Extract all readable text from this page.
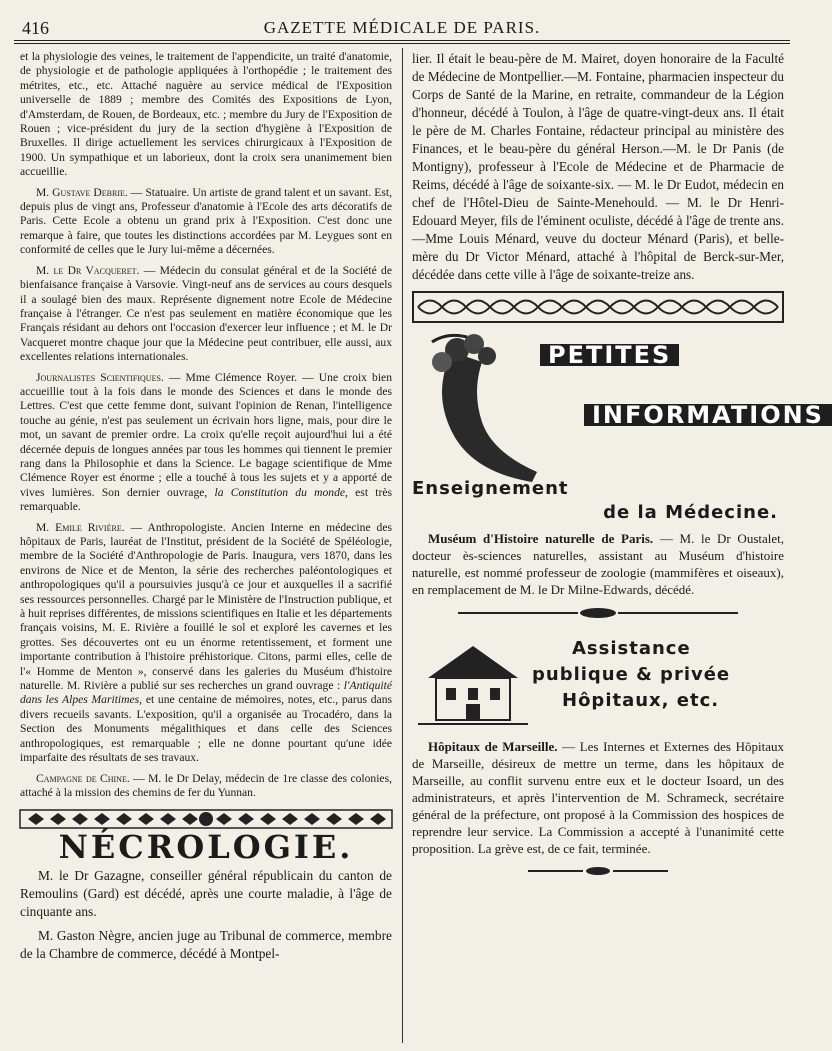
416	GAZETTE MÉDICALE DE PARIS.

et la physiologie des veines, le traitement de l'appendicite, un traité d'anatomie, de physiologie et de pathologie appliquées à l'orthopédie ; le traitement des métrites, etc., etc. Attaché naguère au service médical de l'Exposition universelle de 1889 ; membre des Comités des Expositions de Lyon, d'Amsterdam, de Rouen, de Bordeaux, etc. ; membre du Jury de l'Exposition de Rouen ; vice-président du jury de la section d'hygiène à l'Exposition de Bruxelles. Il dirige actuellement les services chirurgicaux à l'Exposition de 1900. Un sympathique et un laborieux, dont la croix sera unanimement bien accueillie.

M. Gustave Debrie. — Statuaire. Un artiste de grand talent et un savant. Est, depuis plus de vingt ans, Professeur d'anatomie à l'Ecole des arts décoratifs de Paris. Cette Ecole a obtenu un grand prix à l'Exposition. C'est donc une remarque à faire, que toutes les distinctions accordées par M. Leygues sont en conformité de celles que le Jury lui-même a décernées.

M. le Dr Vacqueret. — Médecin du consulat général et de la Société de bienfaisance française à Varsovie. Vingt-neuf ans de services au cours desquels il a soulagé bien des maux. Représente dignement notre Ecole de Médecine française à l'étranger. Ce n'est pas seulement en matière économique que les Français résidant au dehors ont l'occasion d'exercer leur influence ; et M. le Dr Vacqueret montre chaque jour que la Médecine peut contribuer, elle aussi, aux excellentes relations internationales.

Journalistes Scientifiques. — Mme Clémence Royer. — Une croix bien accueillie tout à la fois dans le monde des Sciences et dans le monde des Lettres. C'est que cette femme dont, suivant l'opinion de Renan, l'intelligence touche au génie, n'est pas seulement un écrivain hors ligne, mais, pour dire le mot, un savant de premier ordre. La croix qu'elle reçoit aujourd'hui lui a été décernée depuis de longues années par tous les hommes qui tiennent le premier rang dans la Philosophie et dans la Science. Le bagage scientifique de Mme Clémence Royer est énorme ; elle a touché à tous les sujets et y a apporté de vives lumières. Son dernier ouvrage, la Constitution du monde, est très remarquable.

M. Emile Rivière. — Anthropologiste. Ancien Interne en médecine des hôpitaux de Paris, lauréat de l'Institut, président de la Société de Spéléologie, membre de la Société d'Anthropologie de Paris. Inaugura, vers 1870, dans les environs de Nice et de Menton, la série des recherches paléontologiques et anthropologiques qu'il a poursuivies jusqu'à ce jour et auxquelles il a sacrifié ses ressources personnelles. Chargé par le Ministère de l'Instruction publique, et à huit reprises différentes, de missions scientifiques en Italie et les départements français voisins, M. E. Rivière a fouillé le sol et exploré les cavernes et les grottes. Ses découvertes ont eu un énorme retentissement, et forment une importante contribution à l'histoire préhistorique. Citons, parmi elles, celle de l'« Homme de Menton », conservé dans les galeries du Muséum d'histoire naturelle. M. Rivière a publié sur ses recherches un grand ouvrage : l'Antiquité dans les Alpes Maritimes, et une centaine de mémoires, notes, etc., parus dans divers recueils savants. L'exposition, qu'il a organisée au Trocadéro, dans la Section des Monuments mégalithiques et dans celle des Sciences anthropologiques, est remarquable ; elle ne donne pourtant qu'une idée imparfaite des résultats de ses travaux.

Campagne de Chine. — M. le Dr Delay, médecin de 1re classe des colonies, attaché à la mission des chemins de fer du Yunnan.

NÉCROLOGIE.

M. le Dr Gazagne, conseiller général républicain du canton de Remoulins (Gard) est décédé, après une courte maladie, à l'âge de cinquante ans.

M. Gaston Nègre, ancien juge au Tribunal de commerce, membre de la Chambre de commerce, décédé à Montpel-

lier. Il était le beau-père de M. Mairet, doyen honoraire de la Faculté de Médecine de Montpellier.—M. Fontaine, pharmacien inspecteur du Corps de Santé de la Marine, en retraite, commandeur de la Légion d'honneur, décédé à Toulon, à l'âge de quatre-vingt-deux ans. Il était le père de M. Charles Fontaine, rédacteur principal au ministère des Finances, et le beau-père du général Herson.—M. le Dr Panis (de Montigny), professeur à l'Ecole de Médecine et de Pharmacie de Reims, décédé à l'âge de soixante-six. — M. le Dr Eudot, médecin en chef de l'Hôtel-Dieu de Sainte-Menehould. — M. le Dr Henri-Edouard Meyer, fils de l'éminent oculiste, décédé à l'âge de trente ans.—Mme Louis Ménard, veuve du docteur Ménard (Paris), et belle-mère du Dr Victor Ménard, attaché à l'hôpital de Berck-sur-Mer, décédée dans cette ville à l'âge de soixante-treize ans.

PETITES
INFORMATIONS
Enseignement
de la Médecine.

Muséum d'Histoire naturelle de Paris. — M. le Dr Oustalet, docteur ès-sciences naturelles, assistant au Muséum d'histoire naturelle, est nommé professeur de zoologie (mammifères et oiseaux), en remplacement de M. le Dr Milne-Edwards, décédé.

Assistance
publique & privée
Hôpitaux, etc.

Hôpitaux de Marseille. — Les Internes et Externes des Hôpitaux de Marseille, désireux de mettre un terme, dans les hôpitaux de Marseille, au conflit survenu entre eux et le docteur Isoard, un des administrateurs, et après l'intervention de M. Schrameck, secrétaire général de la préfecture, ont proposé à la Commission des hospices de reprendre leur service. La Commission a accepté à l'unanimité cette proposition. La grève est, de ce fait, terminée.
